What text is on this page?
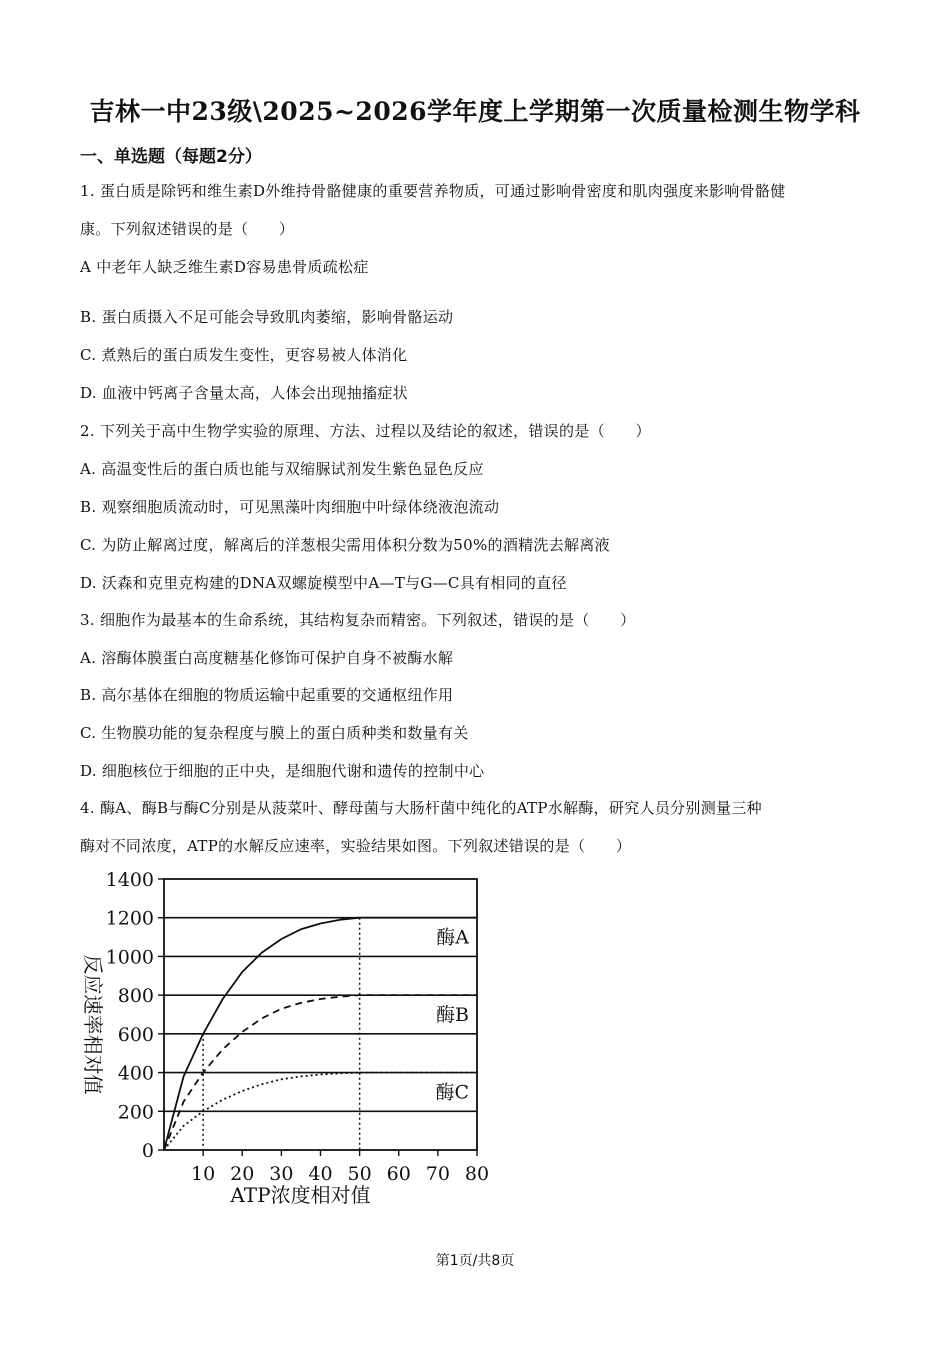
吉林一中23级\2025~2026学年度上学期第一次质量检测生物学科
一、单选题（每题2分）
1. 蛋白质是除钙和维生素D外维持骨骼健康的重要营养物质，可通过影响骨密度和肌肉强度来影响骨骼健
康。下列叙述错误的是（　　）
A 中老年人缺乏维生素D容易患骨质疏松症
B. 蛋白质摄入不足可能会导致肌肉萎缩，影响骨骼运动
C. 煮熟后的蛋白质发生变性，更容易被人体消化
D. 血液中钙离子含量太高，人体会出现抽搐症状
2. 下列关于高中生物学实验的原理、方法、过程以及结论的叙述，错误的是（　　）
A. 高温变性后的蛋白质也能与双缩脲试剂发生紫色显色反应
B. 观察细胞质流动时，可见黑藻叶肉细胞中叶绿体绕液泡流动
C. 为防止解离过度，解离后的洋葱根尖需用体积分数为50%的酒精洗去解离液
D. 沃森和克里克构建的DNA双螺旋模型中A—T与G—C具有相同的直径
3. 细胞作为最基本的生命系统，其结构复杂而精密。下列叙述，错误的是（　　）
A. 溶酶体膜蛋白高度糖基化修饰可保护自身不被酶水解
B. 高尔基体在细胞的物质运输中起重要的交通枢纽作用
C. 生物膜功能的复杂程度与膜上的蛋白质种类和数量有关
D. 细胞核位于细胞的正中央，是细胞代谢和遗传的控制中心
4. 酶A、酶B与酶C分别是从菠菜叶、酵母菌与大肠杆菌中纯化的ATP水解酶，研究人员分别测量三种
酶对不同浓度，ATP的水解反应速率，实验结果如图。下列叙述错误的是（　　）
0
200
400
600
800
1000
1200
1400
10 20 30 40 50 60 70 80
酶A
酶B
酶C
ATP浓度相对值
反应速率相对值
第1页/共8页
